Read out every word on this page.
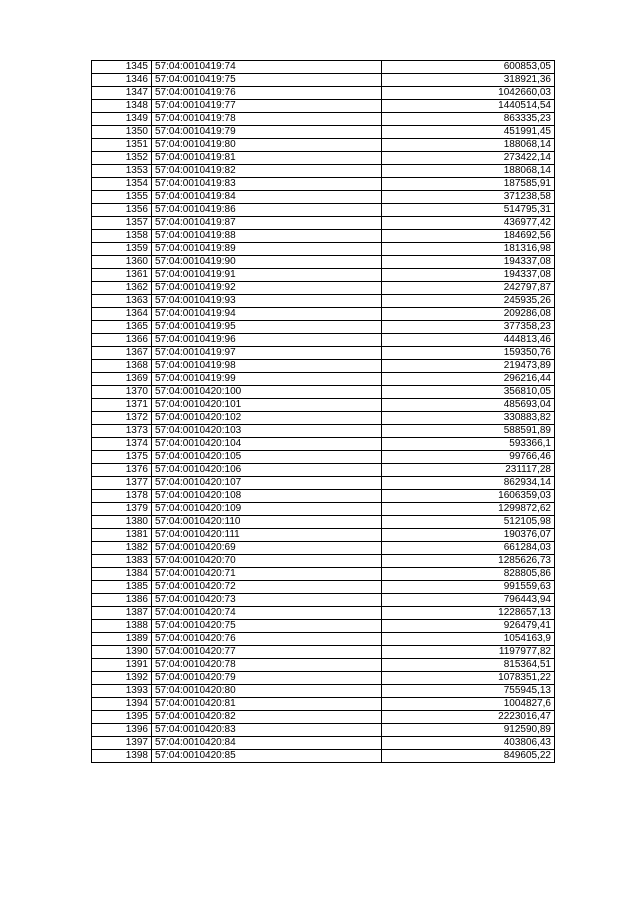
1345	57:04:0010419:74	600853,05
1346	57:04:0010419:75	318921,36
1347	57:04:0010419:76	1042660,03
1348	57:04:0010419:77	1440514,54
1349	57:04:0010419:78	863335,23
1350	57:04:0010419:79	451991,45
1351	57:04:0010419:80	188068,14
1352	57:04:0010419:81	273422,14
1353	57:04:0010419:82	188068,14
1354	57:04:0010419:83	187585,91
1355	57:04:0010419:84	371238,58
1356	57:04:0010419:86	514795,31
1357	57:04:0010419:87	436977,42
1358	57:04:0010419:88	184692,56
1359	57:04:0010419:89	181316,98
1360	57:04:0010419:90	194337,08
1361	57:04:0010419:91	194337,08
1362	57:04:0010419:92	242797,87
1363	57:04:0010419:93	245935,26
1364	57:04:0010419:94	209286,08
1365	57:04:0010419:95	377358,23
1366	57:04:0010419:96	444813,46
1367	57:04:0010419:97	159350,76
1368	57:04:0010419:98	219473,89
1369	57:04:0010419:99	296216,44
1370	57:04:0010420:100	356810,05
1371	57:04:0010420:101	485693,04
1372	57:04:0010420:102	330883,82
1373	57:04:0010420:103	588591,89
1374	57:04:0010420:104	593366,1
1375	57:04:0010420:105	99766,46
1376	57:04:0010420:106	231117,28
1377	57:04:0010420:107	862934,14
1378	57:04:0010420:108	1606359,03
1379	57:04:0010420:109	1299872,62
1380	57:04:0010420:110	512105,98
1381	57:04:0010420:111	190376,07
1382	57:04:0010420:69	661284,03
1383	57:04:0010420:70	1285626,73
1384	57:04:0010420:71	828805,86
1385	57:04:0010420:72	991559,63
1386	57:04:0010420:73	796443,94
1387	57:04:0010420:74	1228657,13
1388	57:04:0010420:75	926479,41
1389	57:04:0010420:76	1054163,9
1390	57:04:0010420:77	1197977,82
1391	57:04:0010420:78	815364,51
1392	57:04:0010420:79	1078351,22
1393	57:04:0010420:80	755945,13
1394	57:04:0010420:81	1004827,6
1395	57:04:0010420:82	2223016,47
1396	57:04:0010420:83	912590,89
1397	57:04:0010420:84	403806,43
1398	57:04:0010420:85	849605,22
